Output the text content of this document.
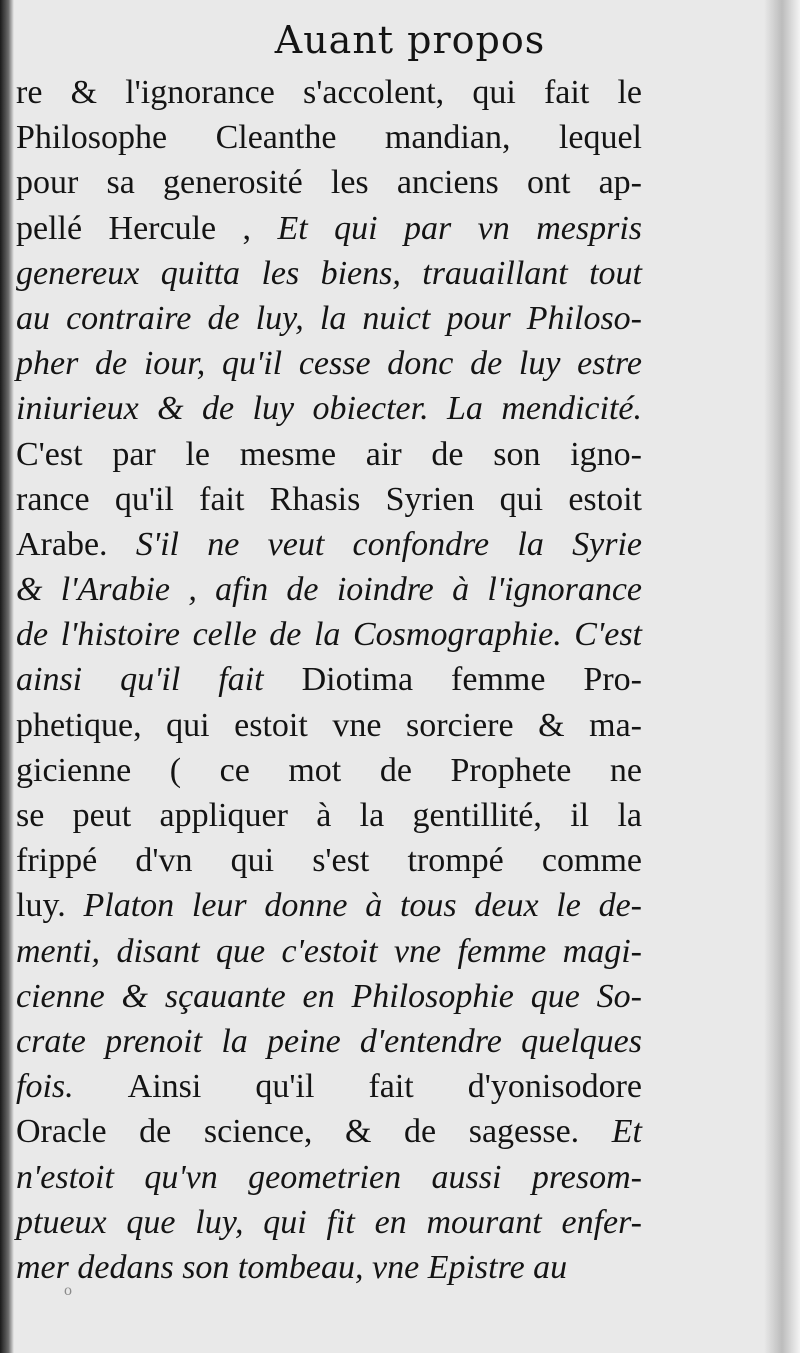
Auant propos
re & l'ignorance s'accolent, qui fait le
Philosophe Cleanthe mandian, lequel
pour sa generosité les anciens ont ap-
pellé Hercule , Et qui par vn mespris
genereux quitta les biens, trauaillant tout
au contraire de luy, la nuict pour Philoso-
pher de iour, qu'il cesse donc de luy estre
iniurieux & de luy obiecter. La mendicité.
C'est par le mesme air de son igno-
rance qu'il fait Rhasis Syrien qui estoit
Arabe. S'il ne veut confondre la Syrie
& l'Arabie , afin de ioindre à l'ignorance
de l'histoire celle de la Cosmographie. C'est
ainsi qu'il fait Diotima femme Pro-
phetique, qui estoit vne sorciere & ma-
gicienne ( ce mot de Prophete ne
se peut appliquer à la gentillité, il la
frippé d'vn qui s'est trompé comme
luy. Platon leur donne à tous deux le de-
menti, disant que c'estoit vne femme magi-
cienne & sçauante en Philosophie que So-
crate prenoit la peine d'entendre quelques
fois. Ainsi qu'il fait d'yonisodore
Oracle de science, & de sagesse. Et
n'estoit qu'vn geometrien aussi presom-
ptueux que luy, qui fit en mourant enfer-
mer dedans son tombeau, vne Epistre au
o
